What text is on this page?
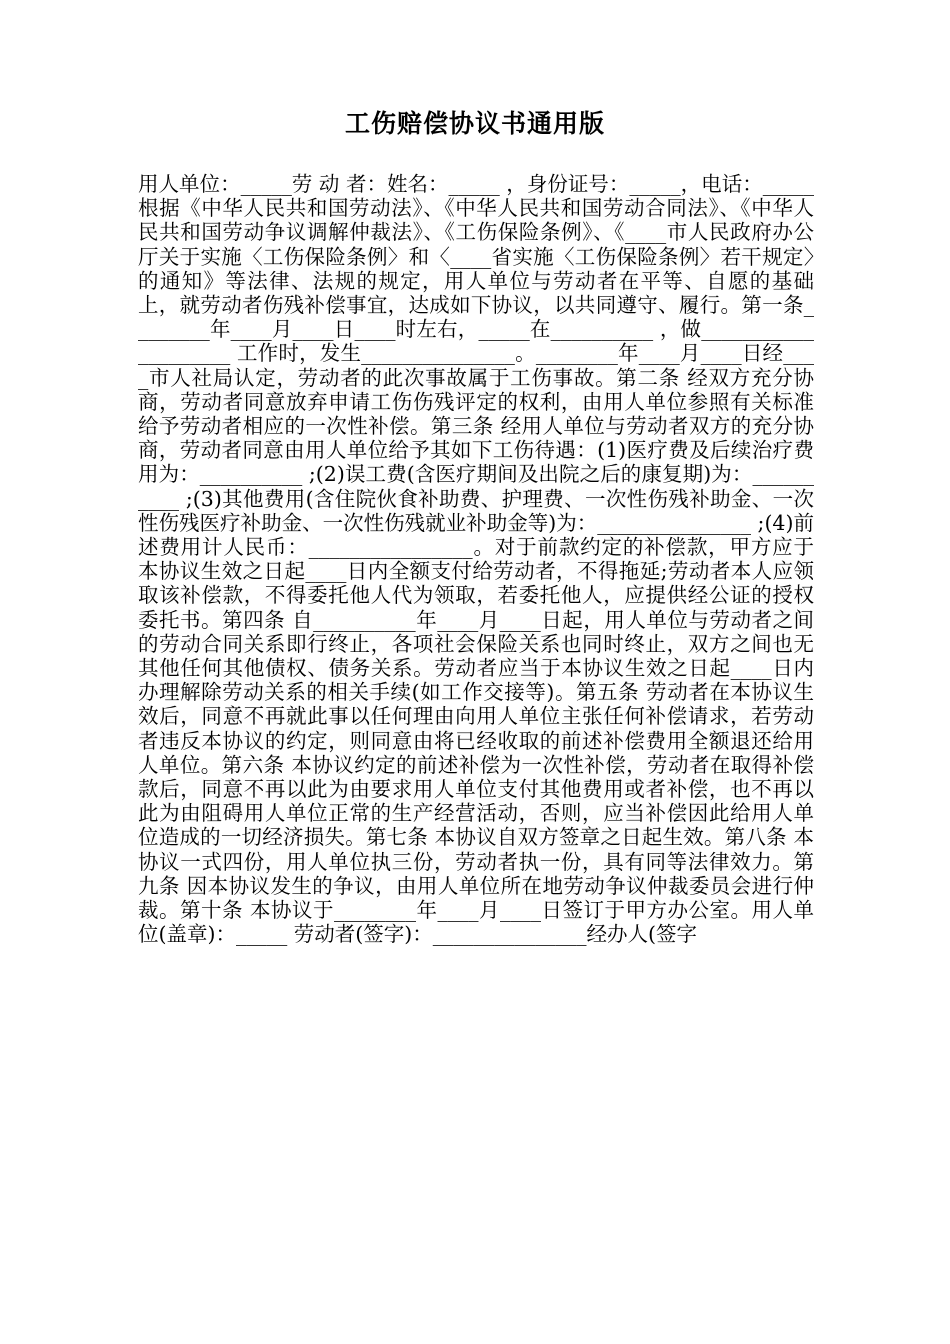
工伤赔偿协议书通用版

用人单位：_____劳 动 者：姓名：_____ ，身份证号：_____，电话：_____ 根据《中华人民共和国劳动法》、《中华人民共和国劳动合同法》、《中华人民共和国劳动争议调解仲裁法》、《工伤保险条例》、《____市人民政府办公厅关于实施〈工伤保险条例〉和〈____省实施〈工伤保险条例〉若干规定〉的通知》等法律、法规的规定，用人单位与劳动者在平等、自愿的基础上，就劳动者伤残补偿事宜，达成如下协议，以共同遵守、履行。第一条________年____月____日____时左右，_____在__________ ，做____________________ 工作时，发生_______________。________年____月____日经____市人社局认定，劳动者的此次事故属于工伤事故。第二条 经双方充分协商，劳动者同意放弃申请工伤伤残评定的权利，由用人单位参照有关标准给予劳动者相应的一次性补偿。第三条 经用人单位与劳动者双方的充分协商，劳动者同意由用人单位给予其如下工伤待遇：(1)医疗费及后续治疗费用为：__________ ;(2)误工费(含医疗期间及出院之后的康复期)为：__________ ;(3)其他费用(含住院伙食补助费、护理费、一次性伤残补助金、一次性伤残医疗补助金、一次性伤残就业补助金等)为：_______________ ;(4)前述费用计人民币：________________。对于前款约定的补偿款，甲方应于本协议生效之日起____日内全额支付给劳动者，不得拖延;劳动者本人应领取该补偿款，不得委托他人代为领取，若委托他人，应提供经公证的授权委托书。第四条 自__________年____月____日起，用人单位与劳动者之间的劳动合同关系即行终止，各项社会保险关系也同时终止，双方之间也无其他任何其他债权、债务关系。劳动者应当于本协议生效之日起____日内办理解除劳动关系的相关手续(如工作交接等)。第五条 劳动者在本协议生效后，同意不再就此事以任何理由向用人单位主张任何补偿请求，若劳动者违反本协议的约定，则同意由将已经收取的前述补偿费用全额退还给用人单位。第六条 本协议约定的前述补偿为一次性补偿，劳动者在取得补偿款后，同意不再以此为由要求用人单位支付其他费用或者补偿，也不再以此为由阻碍用人单位正常的生产经营活动，否则，应当补偿因此给用人单位造成的一切经济损失。第七条 本协议自双方签章之日起生效。第八条 本协议一式四份，用人单位执三份，劳动者执一份，具有同等法律效力。第九条 因本协议发生的争议，由用人单位所在地劳动争议仲裁委员会进行仲裁。第十条 本协议于________年____月____日签订于甲方办公室。用人单位(盖章)：_____ 劳动者(签字)：_______________经办人(签字
